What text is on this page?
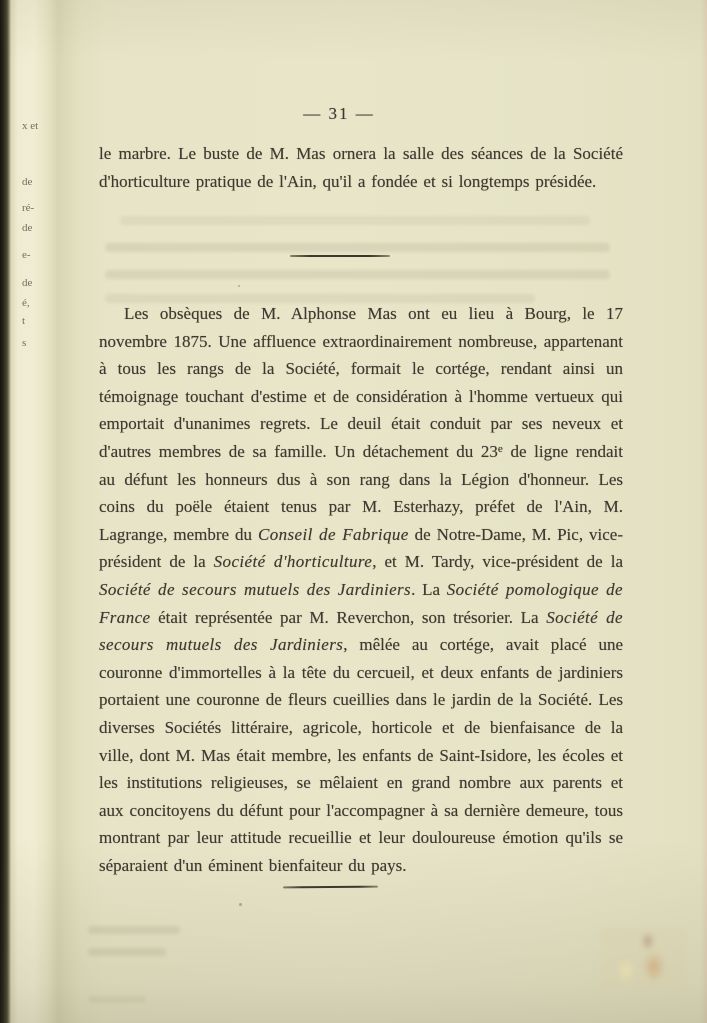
x et
de
ré-
de
e-
de
é,
t
s
— 31 —
le marbre. Le buste de M. Mas ornera la salle des séances de la Société d'horticulture pratique de l'Ain, qu'il a fondée et si longtemps présidée.
Les obsèques de M. Alphonse Mas ont eu lieu à Bourg, le 17 novembre 1875. Une affluence extraordinairement nombreuse, appartenant à tous les rangs de la Société, formait le cortége, rendant ainsi un témoignage touchant d'estime et de considération à l'homme vertueux qui emportait d'unanimes regrets. Le deuil était conduit par ses neveux et d'autres membres de sa famille. Un détachement du 23e de ligne rendait au défunt les honneurs dus à son rang dans la Légion d'honneur. Les coins du poële étaient tenus par M. Esterhazy, préfet de l'Ain, M. Lagrange, membre du Conseil de Fabrique de Notre-Dame, M. Pic, vice-président de la Société d'horticulture, et M. Tardy, vice-président de la Société de secours mutuels des Jardiniers. La Société pomologique de France était représentée par M. Reverchon, son trésorier. La Société de secours mutuels des Jardiniers, mêlée au cortége, avait placé une couronne d'immortelles à la tête du cercueil, et deux enfants de jardiniers portaient une couronne de fleurs cueillies dans le jardin de la Société. Les diverses Sociétés littéraire, agricole, horticole et de bienfaisance de la ville, dont M. Mas était membre, les enfants de Saint-Isidore, les écoles et les institutions religieuses, se mêlaient en grand nombre aux parents et aux concitoyens du défunt pour l'accompagner à sa dernière demeure, tous montrant par leur attitude recueillie et leur douloureuse émotion qu'ils se séparaient d'un éminent bienfaiteur du pays.
